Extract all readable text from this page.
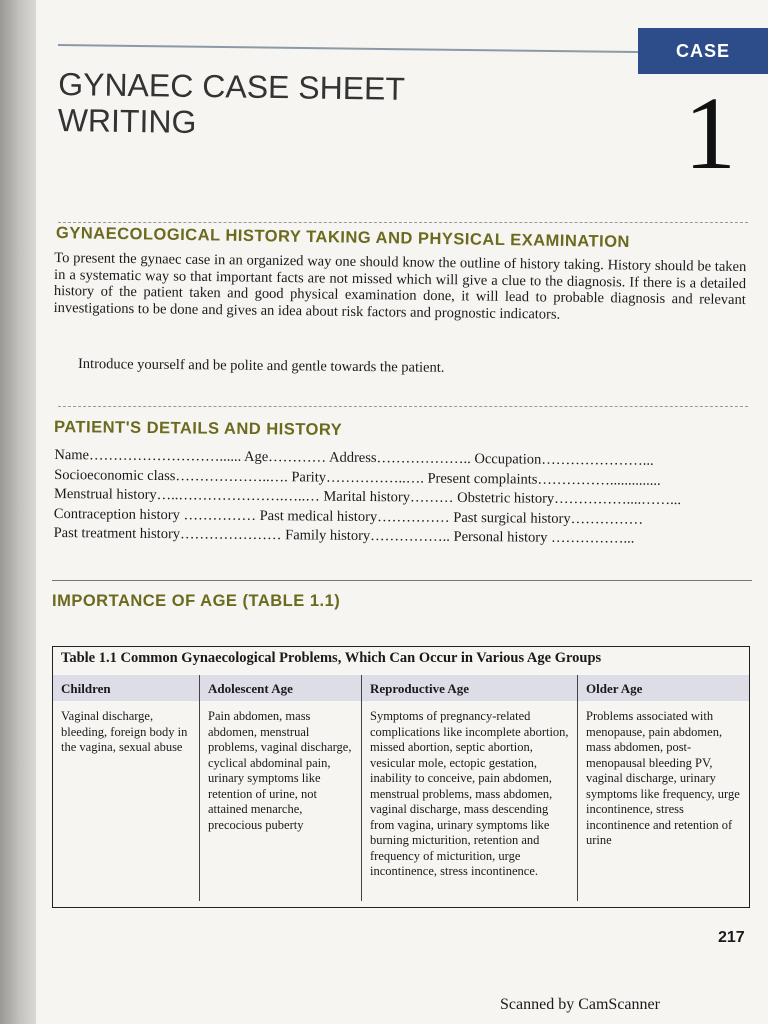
CASE
GYNAEC CASE SHEET
WRITING	1
GYNAECOLOGICAL HISTORY TAKING AND PHYSICAL EXAMINATION

To present the gynaec case in an organized way one should know the outline of history taking. History should be taken in a systematic way so that important facts are not missed which will give a clue to the diagnosis. If there is a detailed history of the patient taken and good physical examination done, it will lead to probable diagnosis and relevant investigations to be done and gives an idea about risk factors and prognostic indicators.

Introduce yourself and be polite and gentle towards the patient.

PATIENT'S DETAILS AND HISTORY
Name………………………...... Age………… Address……………….. Occupation…………………...
Socioeconomic class………………..…. Parity……………..…. Present complaints……………..............
Menstrual history…..………………….…..… Marital history……… Obstetric history……………....……...
Contraception history …………… Past medical history…………… Past surgical history……………
Past treatment history………………… Family history…………….. Personal history ……………...
IMPORTANCE OF AGE (TABLE 1.1)
Table 1.1 Common Gynaecological Problems, Which Can Occur in Various Age Groups
Children
Vaginal discharge, bleeding, foreign body in the vagina, sexual abuse
Adolescent Age
Pain abdomen, mass abdomen, menstrual problems, vaginal discharge, cyclical abdominal pain, urinary symptoms like retention of urine, not attained menarche, precocious puberty
Reproductive Age
Symptoms of pregnancy-related complications like incomplete abortion, missed abortion, septic abortion, vesicular mole, ectopic gestation, inability to conceive, pain abdomen, menstrual problems, mass abdomen, vaginal discharge, mass descending from vagina, urinary symptoms like burning micturition, retention and frequency of micturition, urge incontinence, stress incontinence.
Older Age
Problems associated with menopause, pain abdomen, mass abdomen, post-menopausal bleeding PV, vaginal discharge, urinary symptoms like frequency, urge incontinence, stress incontinence and retention of urine
217
Scanned by CamScanner
